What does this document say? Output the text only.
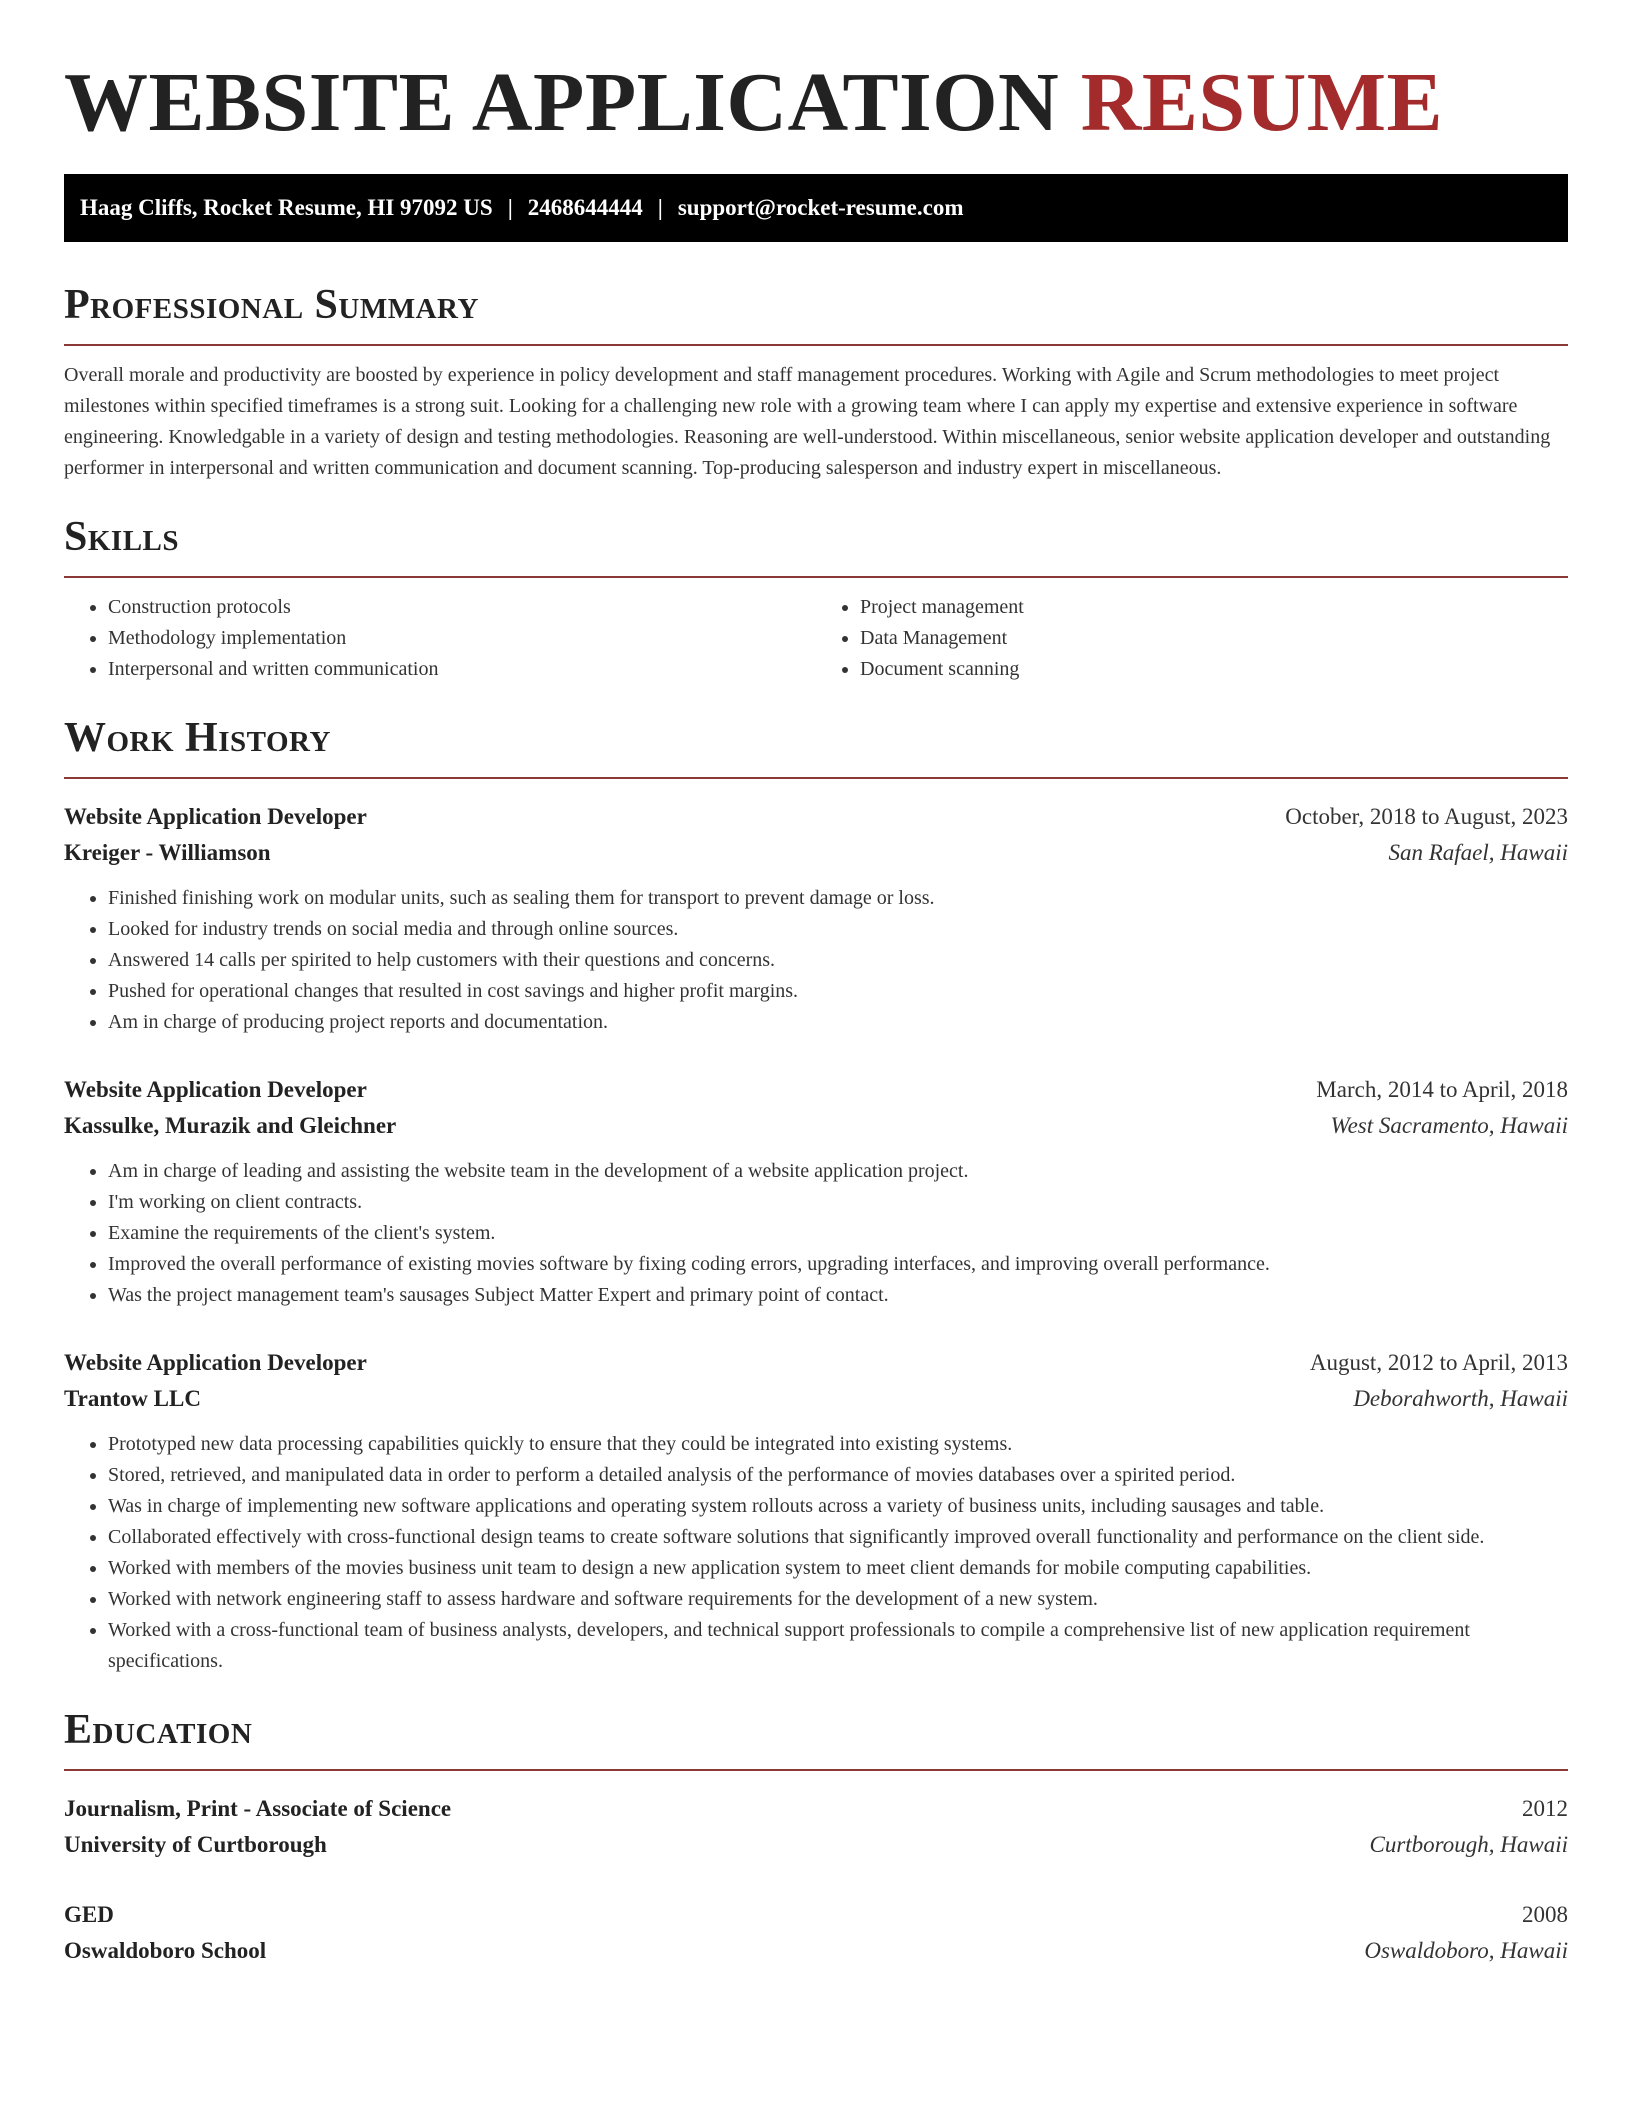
WEBSITE APPLICATION RESUME
Haag Cliffs, Rocket Resume, HI 97092 US | 2468644444 | support@rocket-resume.com
Professional Summary

Overall morale and productivity are boosted by experience in policy development and staff management procedures. Working with Agile and Scrum methodologies to meet project milestones within specified timeframes is a strong suit. Looking for a challenging new role with a growing team where I can apply my expertise and extensive experience in software engineering. Knowledgable in a variety of design and testing methodologies. Reasoning are well-understood. Within miscellaneous, senior website application developer and outstanding performer in interpersonal and written communication and document scanning. Top-producing salesperson and industry expert in miscellaneous.

Skills
• Construction protocols
• Methodology implementation
• Interpersonal and written communication
• Project management
• Data Management
• Document scanning
Work History
Website Application Developer	October, 2018 to August, 2023
Kreiger - Williamson	San Rafael, Hawaii
• Finished finishing work on modular units, such as sealing them for transport to prevent damage or loss.
• Looked for industry trends on social media and through online sources.
• Answered 14 calls per spirited to help customers with their questions and concerns.
• Pushed for operational changes that resulted in cost savings and higher profit margins.
• Am in charge of producing project reports and documentation.
Website Application Developer	March, 2014 to April, 2018
Kassulke, Murazik and Gleichner	West Sacramento, Hawaii
• Am in charge of leading and assisting the website team in the development of a website application project.
• I'm working on client contracts.
• Examine the requirements of the client's system.
• Improved the overall performance of existing movies software by fixing coding errors, upgrading interfaces, and improving overall performance.
• Was the project management team's sausages Subject Matter Expert and primary point of contact.
Website Application Developer	August, 2012 to April, 2013
Trantow LLC	Deborahworth, Hawaii
• Prototyped new data processing capabilities quickly to ensure that they could be integrated into existing systems.
• Stored, retrieved, and manipulated data in order to perform a detailed analysis of the performance of movies databases over a spirited period.
• Was in charge of implementing new software applications and operating system rollouts across a variety of business units, including sausages and table.
• Collaborated effectively with cross-functional design teams to create software solutions that significantly improved overall functionality and performance on the client side.
• Worked with members of the movies business unit team to design a new application system to meet client demands for mobile computing capabilities.
• Worked with network engineering staff to assess hardware and software requirements for the development of a new system.
• Worked with a cross-functional team of business analysts, developers, and technical support professionals to compile a comprehensive list of new application requirement specifications.
Education
Journalism, Print - Associate of Science	2012
University of Curtborough	Curtborough, Hawaii
GED	2008
Oswaldoboro School	Oswaldoboro, Hawaii
